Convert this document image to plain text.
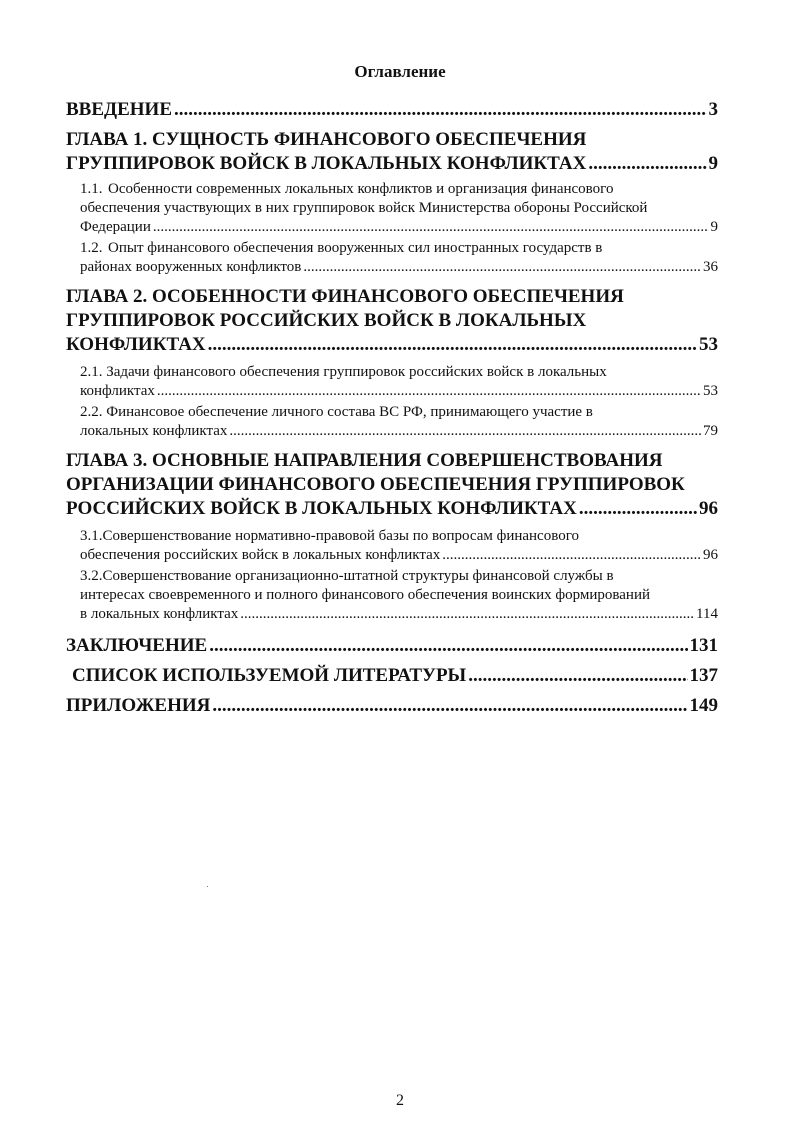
Оглавление
ВВЕДЕНИЕ .....	3
ГЛАВА 1. СУЩНОСТЬ ФИНАНСОВОГО ОБЕСПЕЧЕНИЯ
ГРУППИРОВОК ВОЙСК В ЛОКАЛЬНЫХ КОНФЛИКТАХ .....	9
1.1. Особенности современных локальных конфликтов и организация финансового
обеспечения участвующих в них группировок войск Министерства обороны Российской
Федерации .....	9
1.2. Опыт финансового обеспечения вооруженных сил иностранных государств в
районах вооруженных конфликтов .....	36
ГЛАВА 2. ОСОБЕННОСТИ ФИНАНСОВОГО ОБЕСПЕЧЕНИЯ
ГРУППИРОВОК РОССИЙСКИХ ВОЙСК В ЛОКАЛЬНЫХ
КОНФЛИКТАХ .....	53
2.1. Задачи финансового обеспечения группировок российских войск в локальных
конфликтах .....	53
2.2. Финансовое обеспечение личного состава ВС РФ, принимающего участие в
локальных конфликтах .....	79
ГЛАВА 3. ОСНОВНЫЕ НАПРАВЛЕНИЯ СОВЕРШЕНСТВОВАНИЯ
ОРГАНИЗАЦИИ ФИНАНСОВОГО ОБЕСПЕЧЕНИЯ ГРУППИРОВОК
РОССИЙСКИХ ВОЙСК В ЛОКАЛЬНЫХ КОНФЛИКТАХ .....	96
3.1.Совершенствование нормативно-правовой базы по вопросам финансового
обеспечения российских войск в локальных конфликтах .....	96
3.2.Совершенствование организационно-штатной структуры финансовой службы в
интересах своевременного и полного финансового обеспечения воинских формирований
в локальных конфликтах .....	114
ЗАКЛЮЧЕНИЕ .....	131
СПИСОК ИСПОЛЬЗУЕМОЙ ЛИТЕРАТУРЫ .....	137
ПРИЛОЖЕНИЯ .....	149
2
